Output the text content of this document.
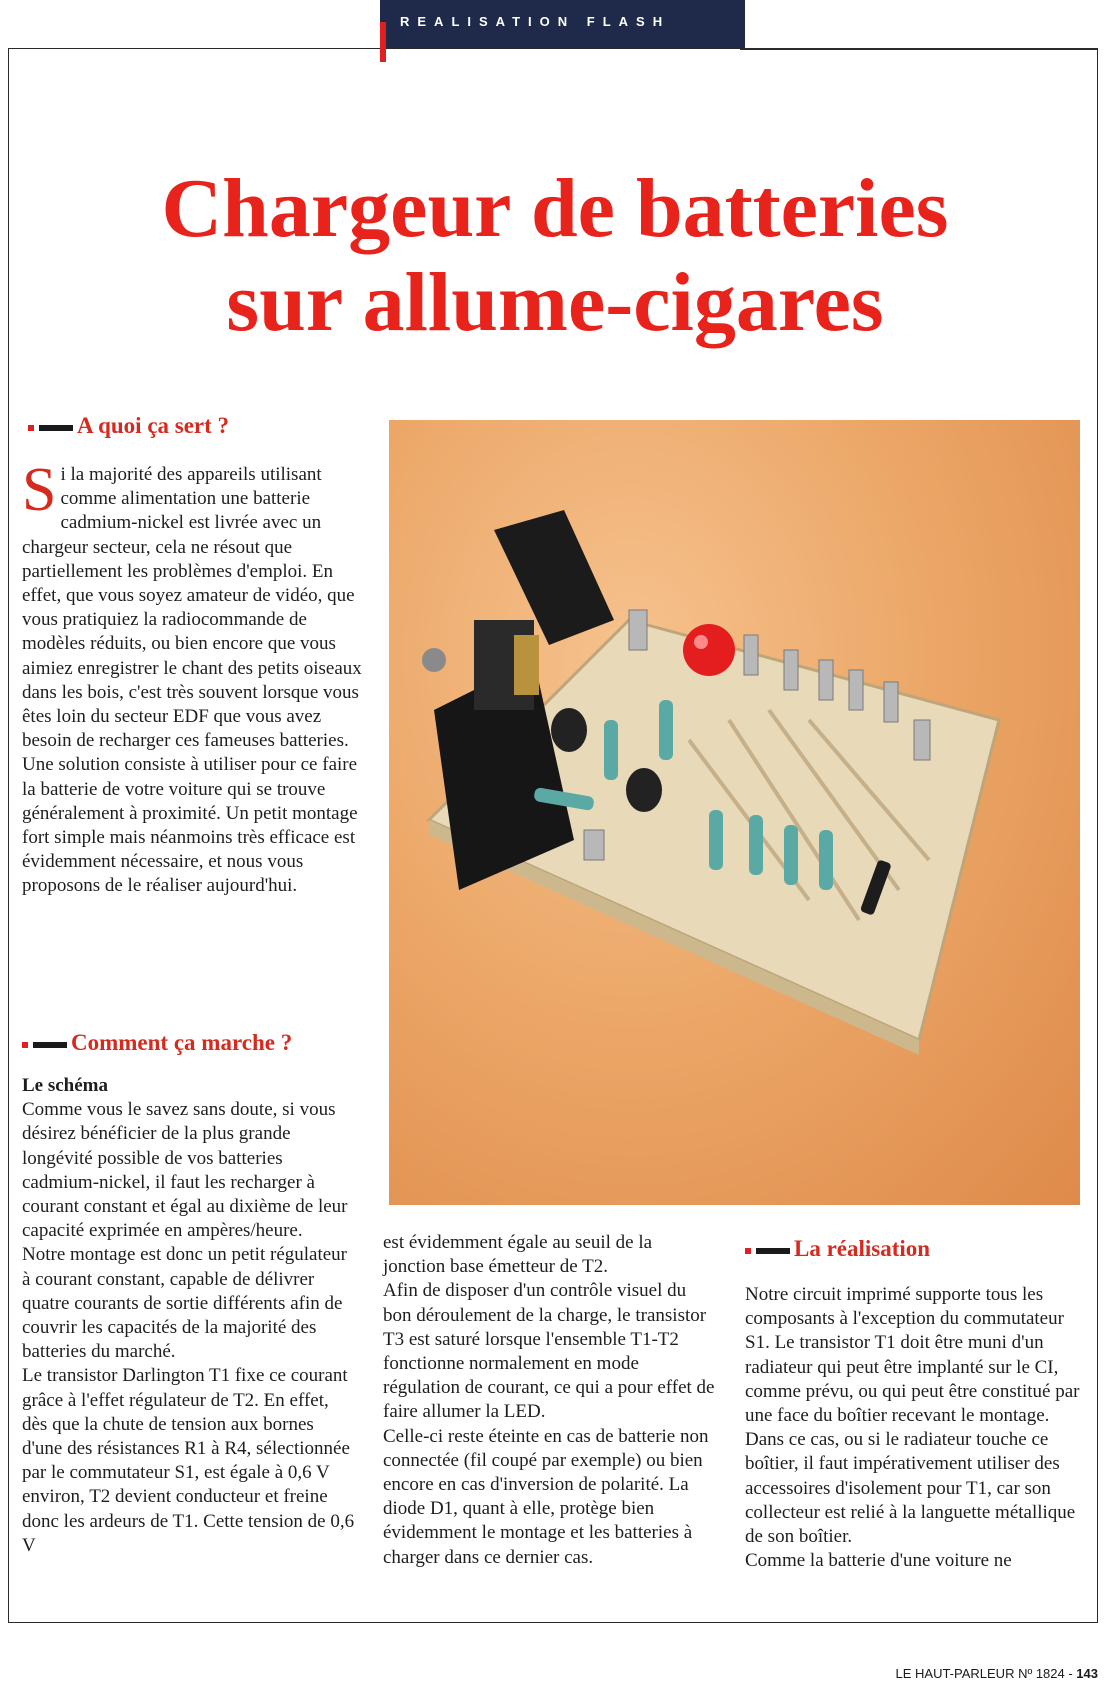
REALISATION FLASH
Chargeur de batteries
sur allume-cigares
A quoi ça sert ?

Si la majorité des appareils utilisant comme alimentation une batterie cadmium-nickel est livrée avec un chargeur secteur, cela ne résout que partiellement les problèmes d'emploi. En effet, que vous soyez amateur de vidéo, que vous pratiquiez la radiocommande de modèles réduits, ou bien encore que vous aimiez enregistrer le chant des petits oiseaux dans les bois, c'est très souvent lorsque vous êtes loin du secteur EDF que vous avez besoin de recharger ces fameuses batteries.

Une solution consiste à utiliser pour ce faire la batterie de votre voiture qui se trouve généralement à proximité. Un petit montage fort simple mais néanmoins très efficace est évidemment nécessaire, et nous vous proposons de le réaliser aujourd'hui.

Comment ça marche ?

Le schéma

Comme vous le savez sans doute, si vous désirez bénéficier de la plus grande longévité possible de vos batteries cadmium-nickel, il faut les recharger à courant constant et égal au dixième de leur capacité exprimée en ampères/heure.

Notre montage est donc un petit régulateur à courant constant, capable de délivrer quatre courants de sortie différents afin de couvrir les capacités de la majorité des batteries du marché.

Le transistor Darlington T1 fixe ce courant grâce à l'effet régulateur de T2. En effet, dès que la chute de tension aux bornes d'une des résistances R1 à R4, sélectionnée par le commutateur S1, est égale à 0,6 V environ, T2 devient conducteur et freine donc les ardeurs de T1. Cette tension de 0,6 V

est évidemment égale au seuil de la jonction base émetteur de T2.

Afin de disposer d'un contrôle visuel du bon déroulement de la charge, le transistor T3 est saturé lorsque l'ensemble T1-T2 fonctionne normalement en mode régulation de courant, ce qui a pour effet de faire allumer la LED.

Celle-ci reste éteinte en cas de batterie non connectée (fil coupé par exemple) ou bien encore en cas d'inversion de polarité. La diode D1, quant à elle, protège bien évidemment le montage et les batteries à charger dans ce dernier cas.

La réalisation

Notre circuit imprimé supporte tous les composants à l'exception du commutateur S1. Le transistor T1 doit être muni d'un radiateur qui peut être implanté sur le CI, comme prévu, ou qui peut être constitué par une face du boîtier recevant le montage. Dans ce cas, ou si le radiateur touche ce boîtier, il faut impérativement utiliser des accessoires d'isolement pour T1, car son collecteur est relié à la languette métallique de son boîtier.

Comme la batterie d'une voiture ne

LE HAUT-PARLEUR Nº 1824 - 143
